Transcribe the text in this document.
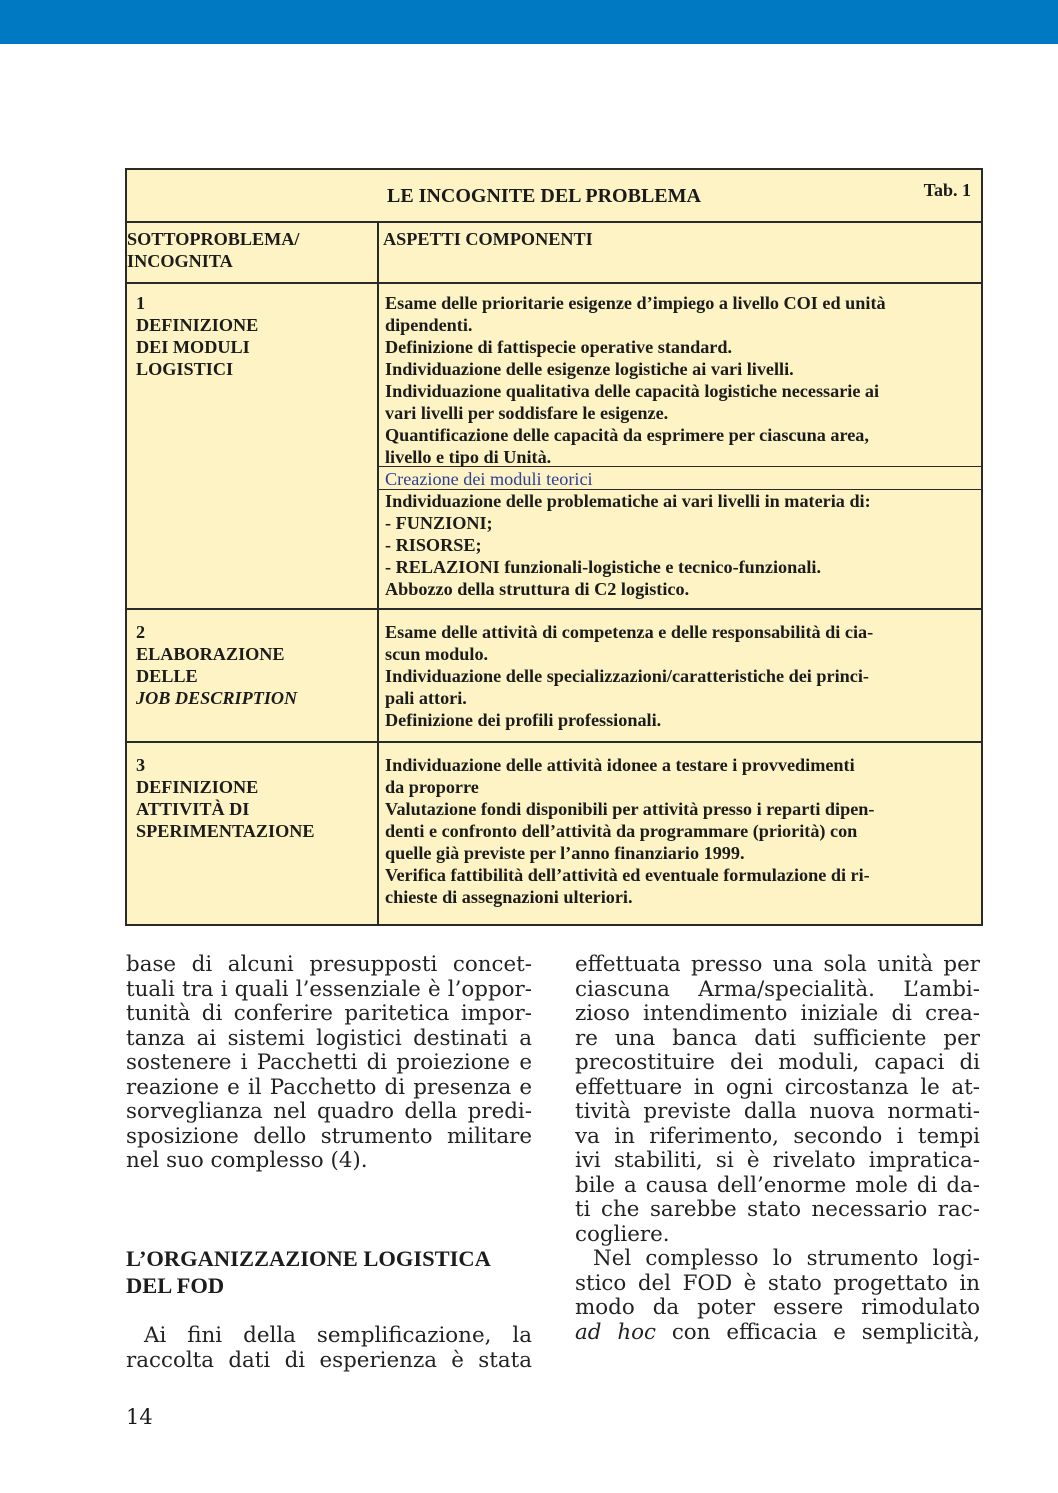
LE INCOGNITE DEL PROBLEMA	Tab. 1
SOTTOPROBLEMA/
INCOGNITA
ASPETTI COMPONENTI
1
DEFINIZIONE
DEI MODULI
LOGISTICI
Esame delle prioritarie esigenze d’impiego a livello COI ed unità
dipendenti.
Definizione di fattispecie operative standard.
Individuazione delle esigenze logistiche ai vari livelli.
Individuazione qualitativa delle capacità logistiche necessarie ai
vari livelli per soddisfare le esigenze.
Quantificazione delle capacità da esprimere per ciascuna area,
livello e tipo di Unità.
Creazione dei moduli teorici
Individuazione delle problematiche ai vari livelli in materia di:
- FUNZIONI;
- RISORSE;
- RELAZIONI funzionali-logistiche e tecnico-funzionali.
Abbozzo della struttura di C2 logistico.
2
ELABORAZIONE
DELLE
JOB DESCRIPTION
Esame delle attività di competenza e delle responsabilità di cia-
scun modulo.
Individuazione delle specializzazioni/caratteristiche dei princi-
pali attori.
Definizione dei profili professionali.
3
DEFINIZIONE
ATTIVITÀ DI
SPERIMENTAZIONE
Individuazione delle attività idonee a testare i provvedimenti
da proporre
Valutazione fondi disponibili per attività presso i reparti dipen-
denti e confronto dell’attività da programmare (priorità) con
quelle già previste per l’anno finanziario 1999.
Verifica fattibilità dell’attività ed eventuale formulazione di ri-
chieste di assegnazioni ulteriori.
base di alcuni presupposti concet-
tuali tra i quali l’essenziale è l’oppor-
tunità di conferire paritetica impor-
tanza ai sistemi logistici destinati a
sostenere i Pacchetti di proiezione e
reazione e il Pacchetto di presenza e
sorveglianza nel quadro della predi-
sposizione dello strumento militare
nel suo complesso (4).
L’ORGANIZZAZIONE LOGISTICA
DEL FOD
Ai fini della semplificazione, la
raccolta dati di esperienza è stata
effettuata presso una sola unità per
ciascuna Arma/specialità. L’ambi-
zioso intendimento iniziale di crea-
re una banca dati sufficiente per
precostituire dei moduli, capaci di
effettuare in ogni circostanza le at-
tività previste dalla nuova normati-
va in riferimento, secondo i tempi
ivi stabiliti, si è rivelato impratica-
bile a causa dell’enorme mole di da-
ti che sarebbe stato necessario rac-
cogliere.
Nel complesso lo strumento logi-
stico del FOD è stato progettato in
modo da poter essere rimodulato
ad hoc con efficacia e semplicità,
14
